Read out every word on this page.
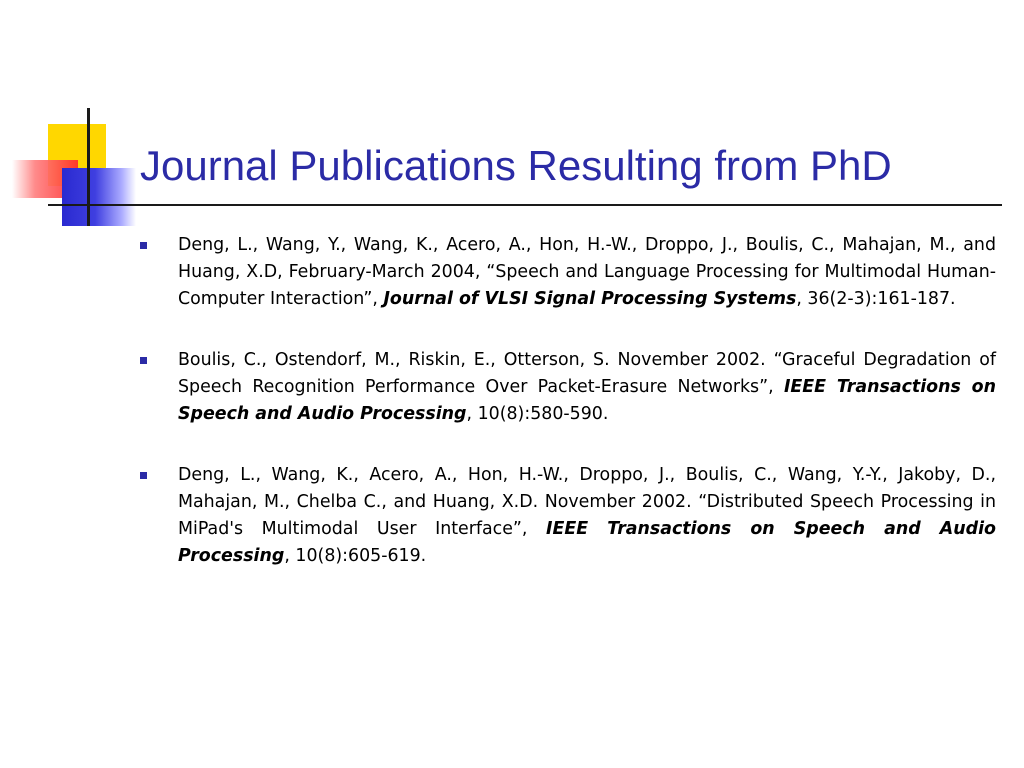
Journal Publications Resulting from PhD
Deng, L., Wang, Y., Wang, K., Acero, A., Hon, H.-W., Droppo, J., Boulis, C., Mahajan, M., and Huang, X.D, February-March 2004, “Speech and Language Processing for Multimodal Human-Computer Interaction”, Journal of VLSI Signal Processing Systems, 36(2-3):161-187.
Boulis, C., Ostendorf, M., Riskin, E., Otterson, S. November 2002. “Graceful Degradation of Speech Recognition Performance Over Packet-Erasure Networks”, IEEE Transactions on Speech and Audio Processing, 10(8):580-590.
Deng, L., Wang, K., Acero, A., Hon, H.-W., Droppo, J., Boulis, C., Wang, Y.-Y., Jakoby, D., Mahajan, M., Chelba C., and Huang, X.D. November 2002. “Distributed Speech Processing in MiPad's Multimodal User Interface”, IEEE Transactions on Speech and Audio Processing, 10(8):605-619.
